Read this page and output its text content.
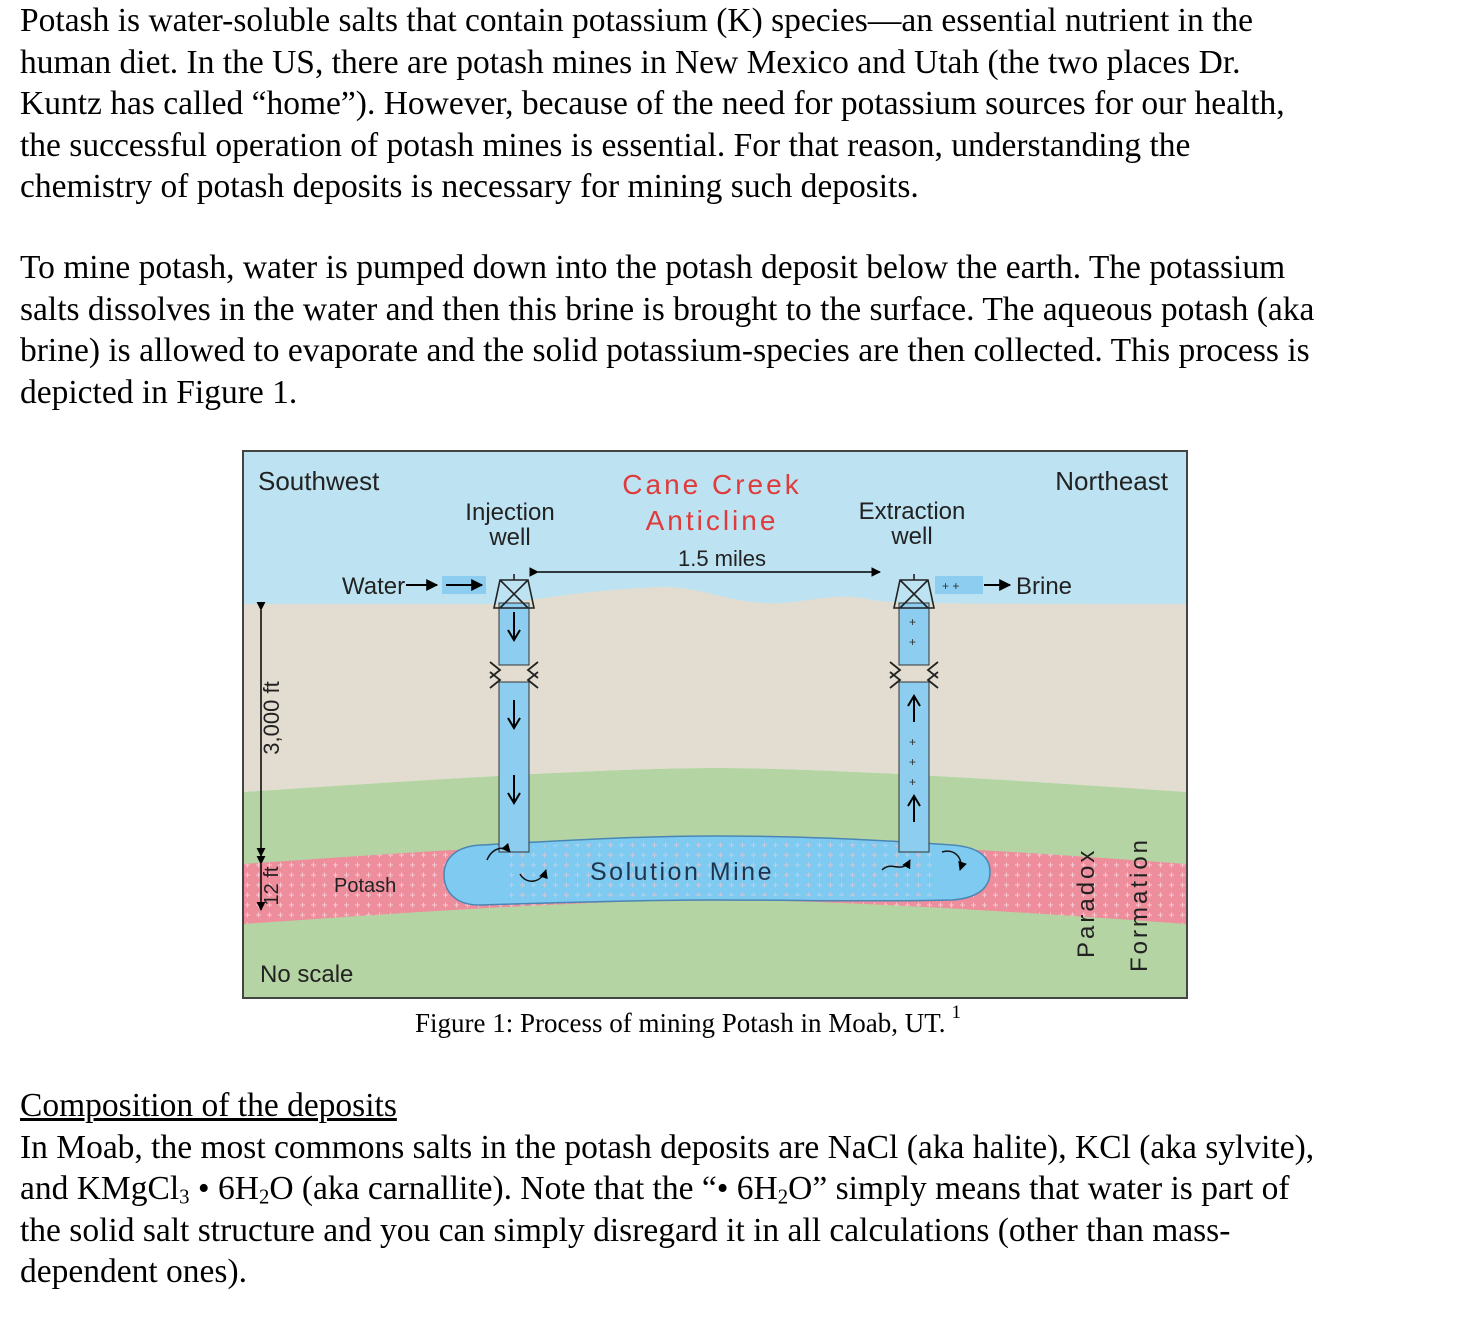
Potash is water-soluble salts that contain potassium (K) species—an essential nutrient in the
human diet. In the US, there are potash mines in New Mexico and Utah (the two places Dr.
Kuntz has called “home”). However, because of the need for potassium sources for our health,
the successful operation of potash mines is essential. For that reason, understanding the
chemistry of potash deposits is necessary for mining such deposits.
To mine potash, water is pumped down into the potash deposit below the earth. The potassium
salts dissolves in the water and then this brine is brought to the surface. The aqueous potash (aka
brine) is allowed to evaporate and the solid potassium-species are then collected. This process is
depicted in Figure 1.
+
+
+
+
+
+ +
Southwest	Northeast
Cane Creek
Anticline
Injection
well
Extraction
well
1.5 miles
Water	Brine
3,000 ft
12 ft	Potash	Solution Mine
No scale
Paradox Formation
Figure 1: Process of mining Potash in Moab, UT. $^1$
Composition of the deposits
In Moab, the most commons salts in the potash deposits are NaCl (aka halite), KCl (aka sylvite),
and KMgCl$_3$ • $6H_2O$ (aka carnallite). Note that the “• $6H_2O$” simply means that water is part of
the solid salt structure and you can simply disregard it in all calculations (other than mass-
dependent ones).
